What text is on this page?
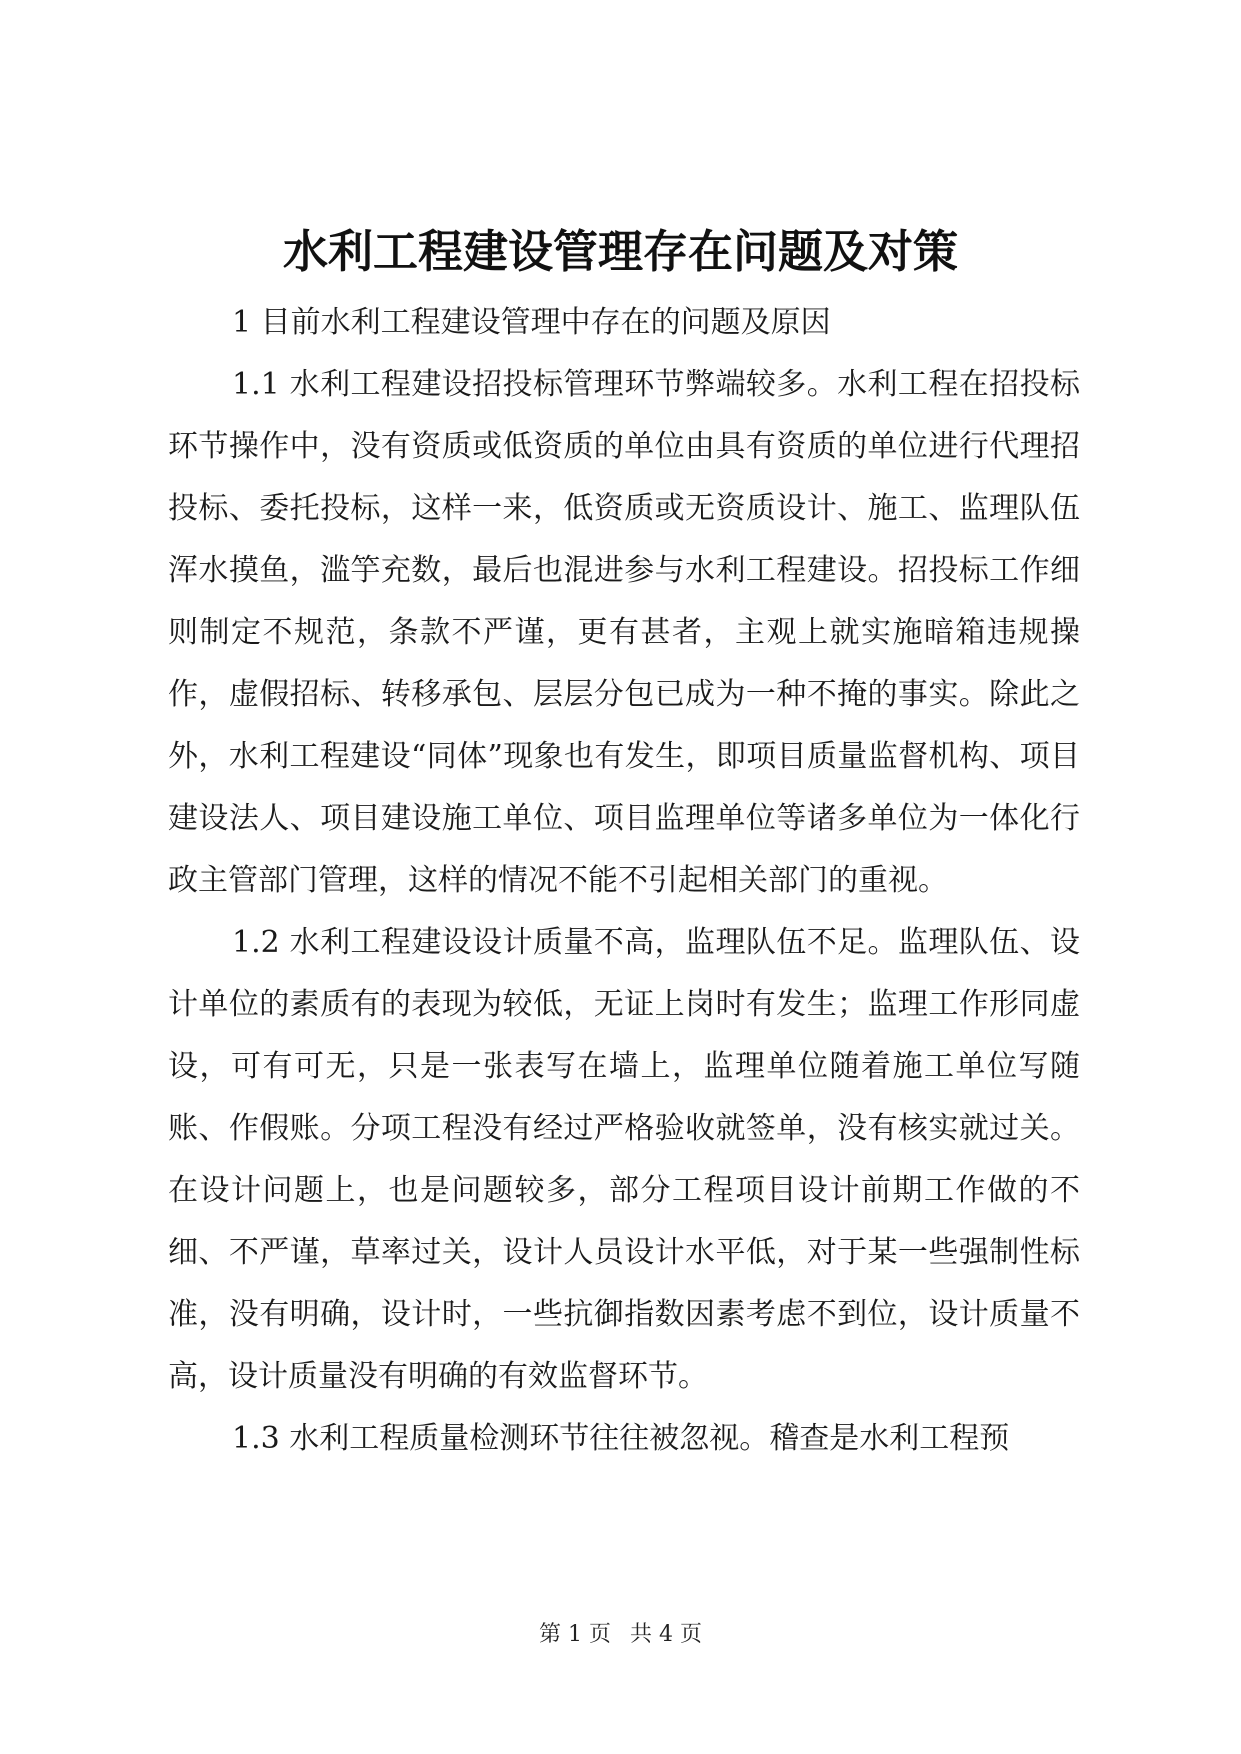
水利工程建设管理存在问题及对策

1 目前水利工程建设管理中存在的问题及原因

1.1 水利工程建设招投标管理环节弊端较多。水利工程在招投标环节操作中，没有资质或低资质的单位由具有资质的单位进行代理招投标、委托投标，这样一来，低资质或无资质设计、施工、监理队伍浑水摸鱼，滥竽充数，最后也混进参与水利工程建设。招投标工作细则制定不规范，条款不严谨，更有甚者，主观上就实施暗箱违规操作，虚假招标、转移承包、层层分包已成为一种不掩的事实。除此之外，水利工程建设“同体”现象也有发生，即项目质量监督机构、项目建设法人、项目建设施工单位、项目监理单位等诸多单位为一体化行政主管部门管理，这样的情况不能不引起相关部门的重视。

1.2 水利工程建设设计质量不高，监理队伍不足。监理队伍、设计单位的素质有的表现为较低，无证上岗时有发生；监理工作形同虚设，可有可无，只是一张表写在墙上，监理单位随着施工单位写随账、作假账。分项工程没有经过严格验收就签单，没有核实就过关。在设计问题上，也是问题较多，部分工程项目设计前期工作做的不细、不严谨，草率过关，设计人员设计水平低，对于某一些强制性标准，没有明确，设计时，一些抗御指数因素考虑不到位，设计质量不高，设计质量没有明确的有效监督环节。

1.3 水利工程质量检测环节往往被忽视。稽查是水利工程预

第 1 页 共 4 页
